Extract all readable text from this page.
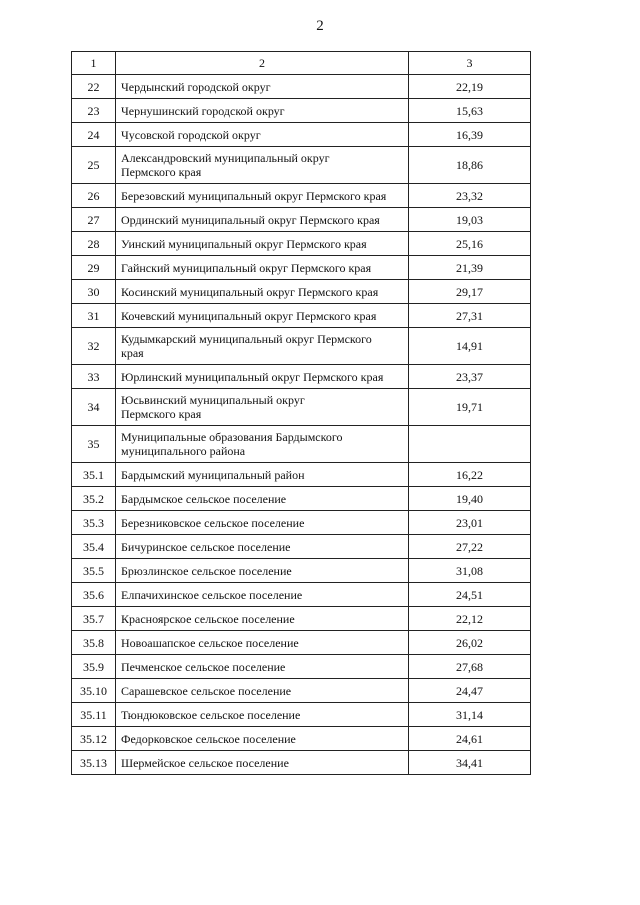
2
1	2	3
22	Чердынский городской округ	22,19
23	Чернушинский городской округ	15,63
24	Чусовской городской округ	16,39
25	Александровский муниципальный округ
Пермского края	18,86
26	Березовский муниципальный округ Пермского края	23,32
27	Ординский муниципальный округ Пермского края	19,03
28	Уинский муниципальный округ Пермского края	25,16
29	Гайнский муниципальный округ Пермского края	21,39
30	Косинский муниципальный округ Пермского края	29,17
31	Кочевский муниципальный округ Пермского края	27,31
32	Кудымкарский муниципальный округ Пермского
края	14,91
33	Юрлинский муниципальный округ Пермского края	23,37
34	Юсьвинский муниципальный округ
Пермского края	19,71
35	Муниципальные образования Бардымского
муниципального района	
35.1	Бардымский муниципальный район	16,22
35.2	Бардымское сельское поселение	19,40
35.3	Березниковское сельское поселение	23,01
35.4	Бичуринское сельское поселение	27,22
35.5	Брюзлинское сельское поселение	31,08
35.6	Елпачихинское сельское поселение	24,51
35.7	Красноярское сельское поселение	22,12
35.8	Новоашапское сельское поселение	26,02
35.9	Печменское сельское поселение	27,68
35.10	Сарашевское сельское поселение	24,47
35.11	Тюндюковское сельское поселение	31,14
35.12	Федорковское сельское поселение	24,61
35.13	Шермейское сельское поселение	34,41
